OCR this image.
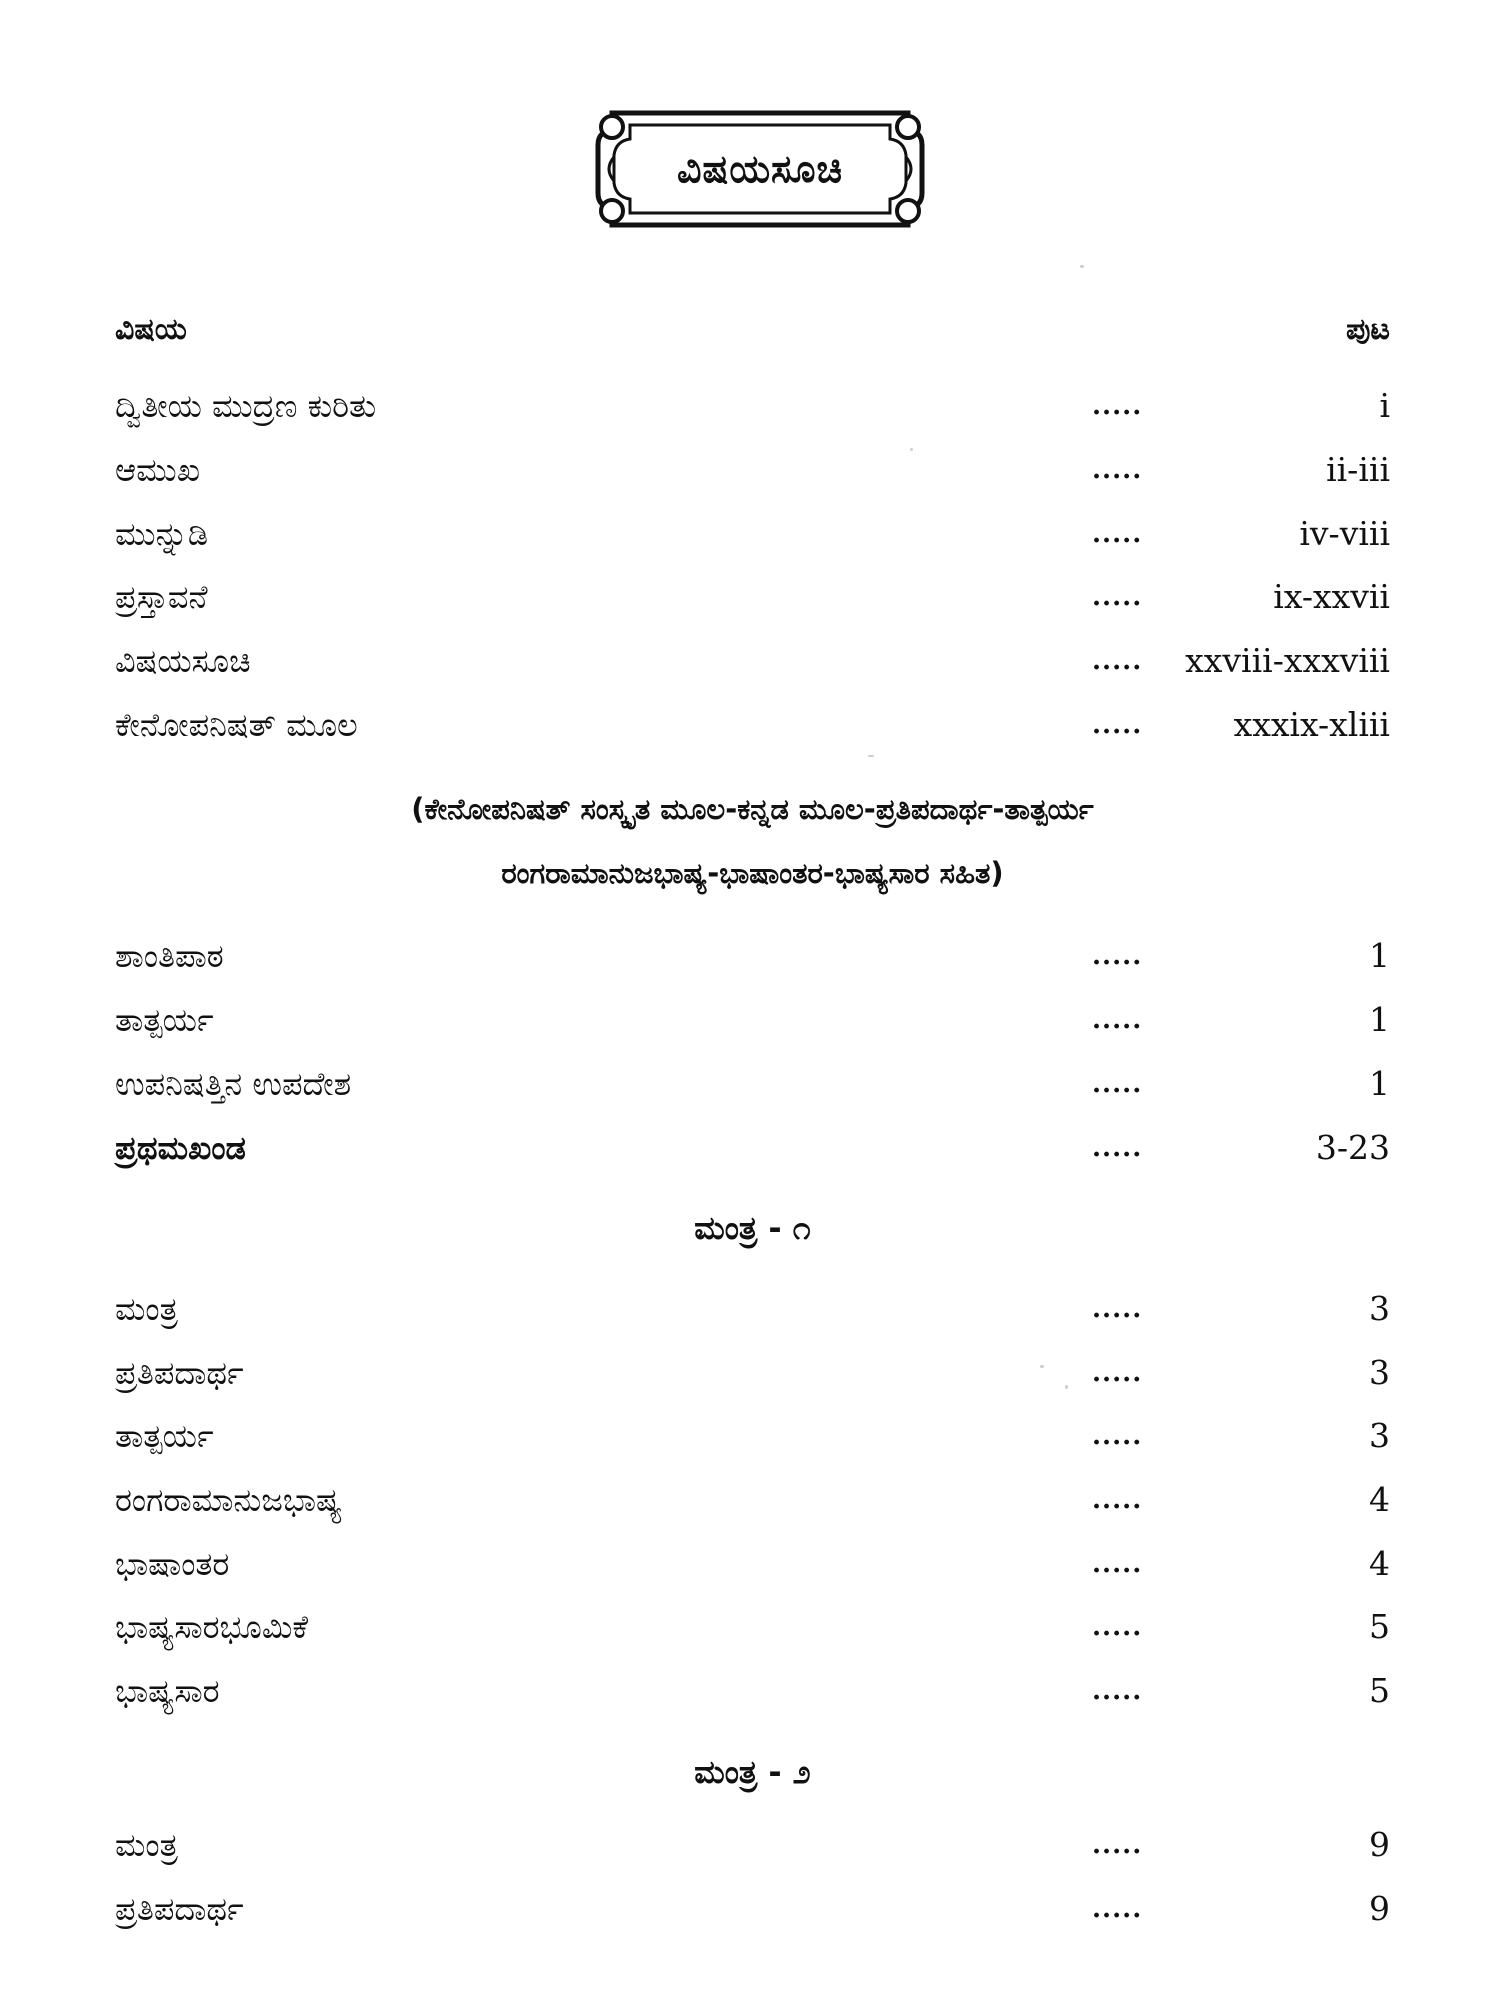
ವಿಷಯಸೂಚಿ
ವಿಷಯ	ಪುಟ
ದ್ವಿತೀಯ ಮುದ್ರಣ ಕುರಿತು	.....	i
ಆಮುಖ	.....	ii-iii
ಮುನ್ನುಡಿ	.....	iv-viii
ಪ್ರಸ್ತಾವನೆ	.....	ix-xxvii
ವಿಷಯಸೂಚಿ	..... xxviii-xxxviii
ಕೇನೋಪನಿಷತ್ ಮೂಲ	.....	xxxix-xliii
(ಕೇನೋಪನಿಷತ್ ಸಂಸ್ಕೃತ ಮೂಲ-ಕನ್ನಡ ಮೂಲ-ಪ್ರತಿಪದಾರ್ಥ-ತಾತ್ಪರ್ಯ
ರಂಗರಾಮಾನುಜಭಾಷ್ಯ-ಭಾಷಾಂತರ-ಭಾಷ್ಯಸಾರ ಸಹಿತ)
ಶಾಂತಿಪಾಠ	.....	1
ತಾತ್ಪರ್ಯ	.....	1
ಉಪನಿಷತ್ತಿನ ಉಪದೇಶ	.....	1
ಪ್ರಥಮಖಂಡ	.....	3-23
ಮಂತ್ರ - ೧
ಮಂತ್ರ	.....	3
ಪ್ರತಿಪದಾರ್ಥ	.....	3
ತಾತ್ಪರ್ಯ	.....	3
ರಂಗರಾಮಾನುಜಭಾಷ್ಯ	.....	4
ಭಾಷಾಂತರ	.....	4
ಭಾಷ್ಯಸಾರಭೂಮಿಕೆ	.....	5
ಭಾಷ್ಯಸಾರ	.....	5
ಮಂತ್ರ - ೨
ಮಂತ್ರ	.....	9
ಪ್ರತಿಪದಾರ್ಥ	.....	9
